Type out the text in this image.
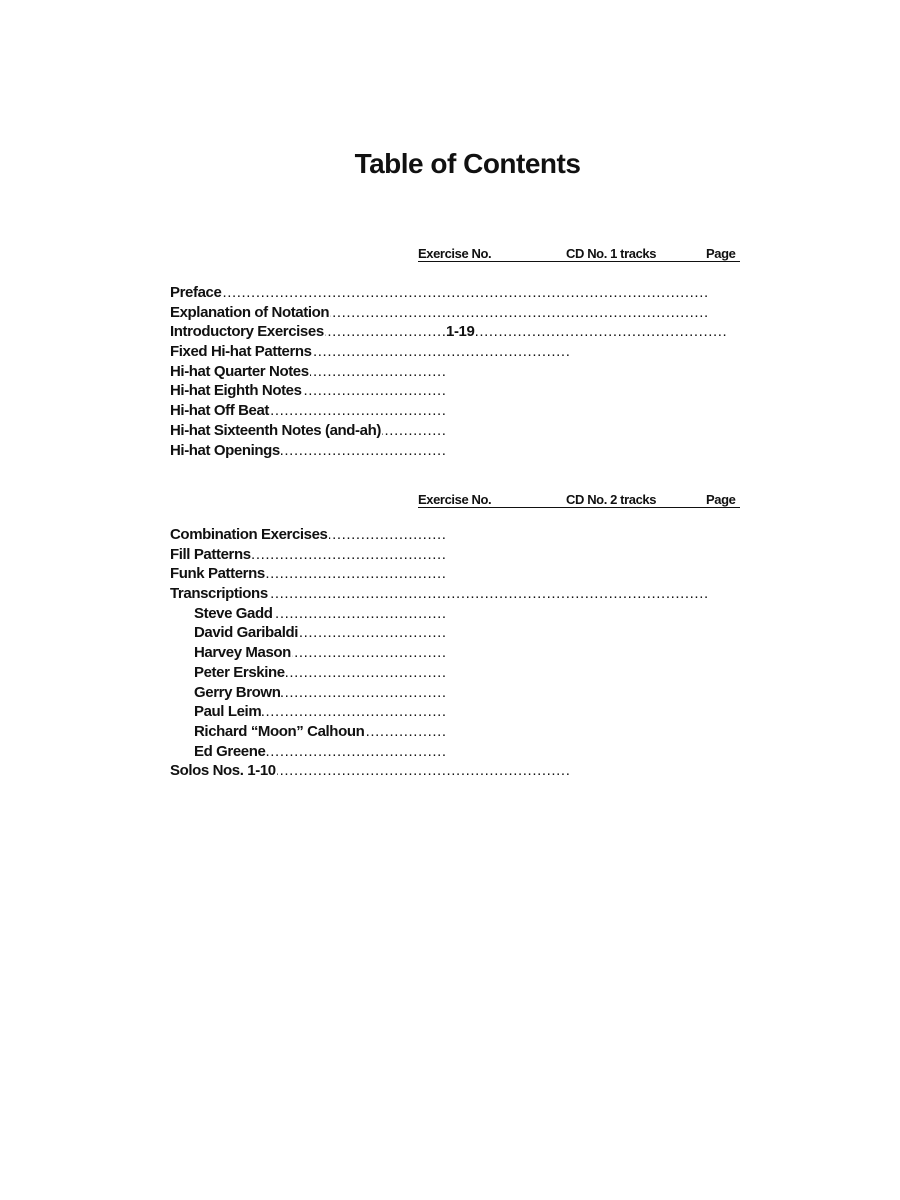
Table of Contents
Exercise No.	CD No. 1 tracks	Page
Preface .....
Explanation of Notation .....
Introductory Exercises .....	1-19 .....
Fixed Hi-hat Patterns .....
Hi-hat Quarter Notes .....
Hi-hat Eighth Notes .....
Hi-hat Off Beat .....
Hi-hat Sixteenth Notes (and-ah) .....
Hi-hat Openings .....
Exercise No.	CD No. 2 tracks	Page
Combination Exercises .....
Fill Patterns .....
Funk Patterns .....
Transcriptions .....
Steve Gadd .....
David Garibaldi .....
Harvey Mason .....
Peter Erskine .....
Gerry Brown .....
Paul Leim .....
Richard “Moon” Calhoun .....
Ed Greene .....
Solos Nos. 1-10 .....
